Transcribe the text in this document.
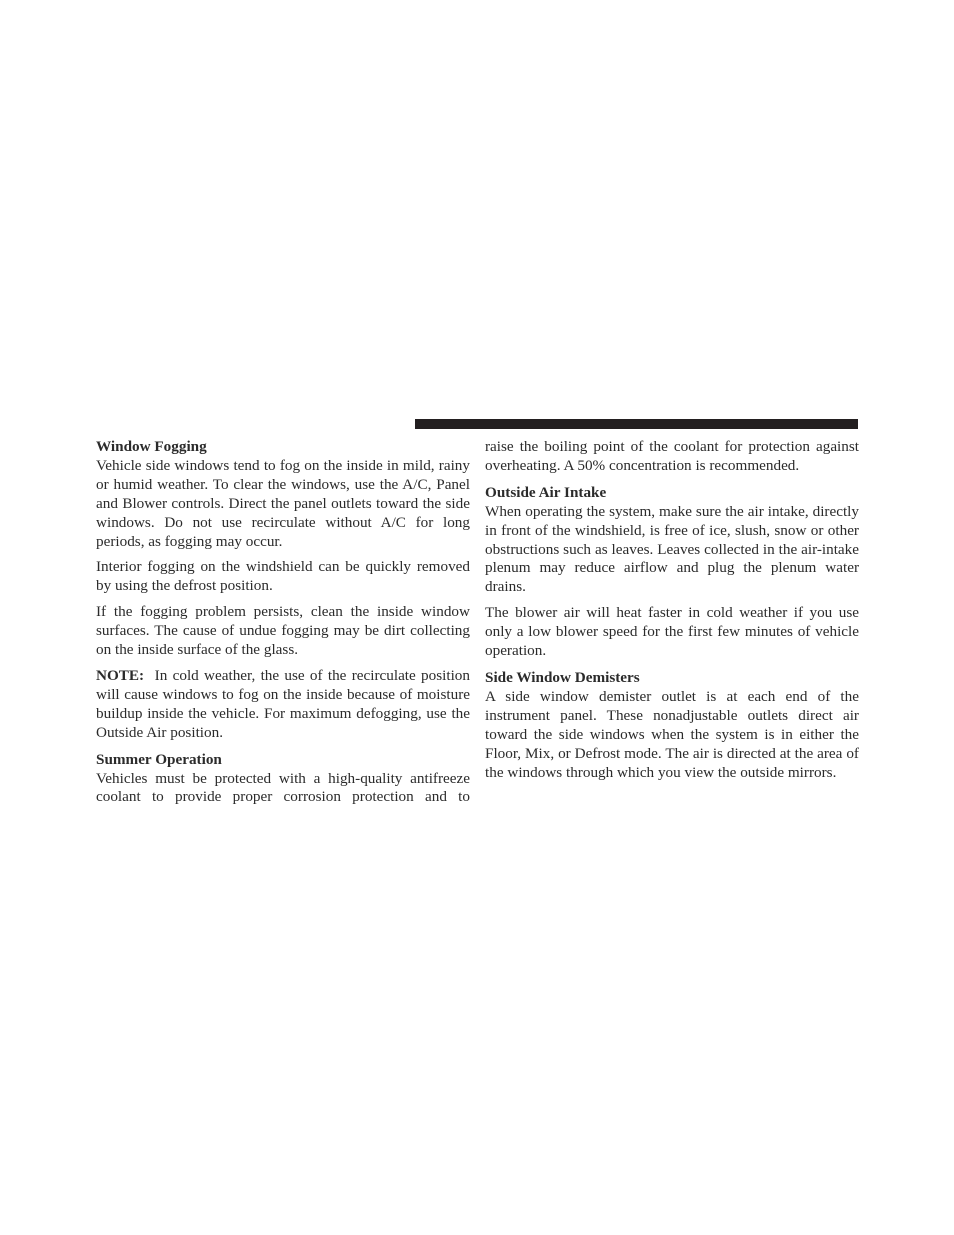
Window Fogging

Vehicle side windows tend to fog on the inside in mild, rainy or humid weather. To clear the windows, use the A/C, Panel and Blower controls. Direct the panel outlets toward the side windows. Do not use recirculate without A/C for long periods, as fogging may occur.

Interior fogging on the windshield can be quickly removed by using the defrost position.

If the fogging problem persists, clean the inside window surfaces. The cause of undue fogging may be dirt collecting on the inside surface of the glass.

NOTE: In cold weather, the use of the recirculate position will cause windows to fog on the inside because of moisture buildup inside the vehicle. For maximum defogging, use the Outside Air position.

Summer Operation

Vehicles must be protected with a high-quality antifreeze coolant to provide proper corrosion protection and to

raise the boiling point of the coolant for protection against overheating. A 50% concentration is recommended.

Outside Air Intake

When operating the system, make sure the air intake, directly in front of the windshield, is free of ice, slush, snow or other obstructions such as leaves. Leaves collected in the air-intake plenum may reduce airflow and plug the plenum water drains.

The blower air will heat faster in cold weather if you use only a low blower speed for the first few minutes of vehicle operation.

Side Window Demisters

A side window demister outlet is at each end of the instrument panel. These nonadjustable outlets direct air toward the side windows when the system is in either the Floor, Mix, or Defrost mode. The air is directed at the area of the windows through which you view the outside mirrors.
